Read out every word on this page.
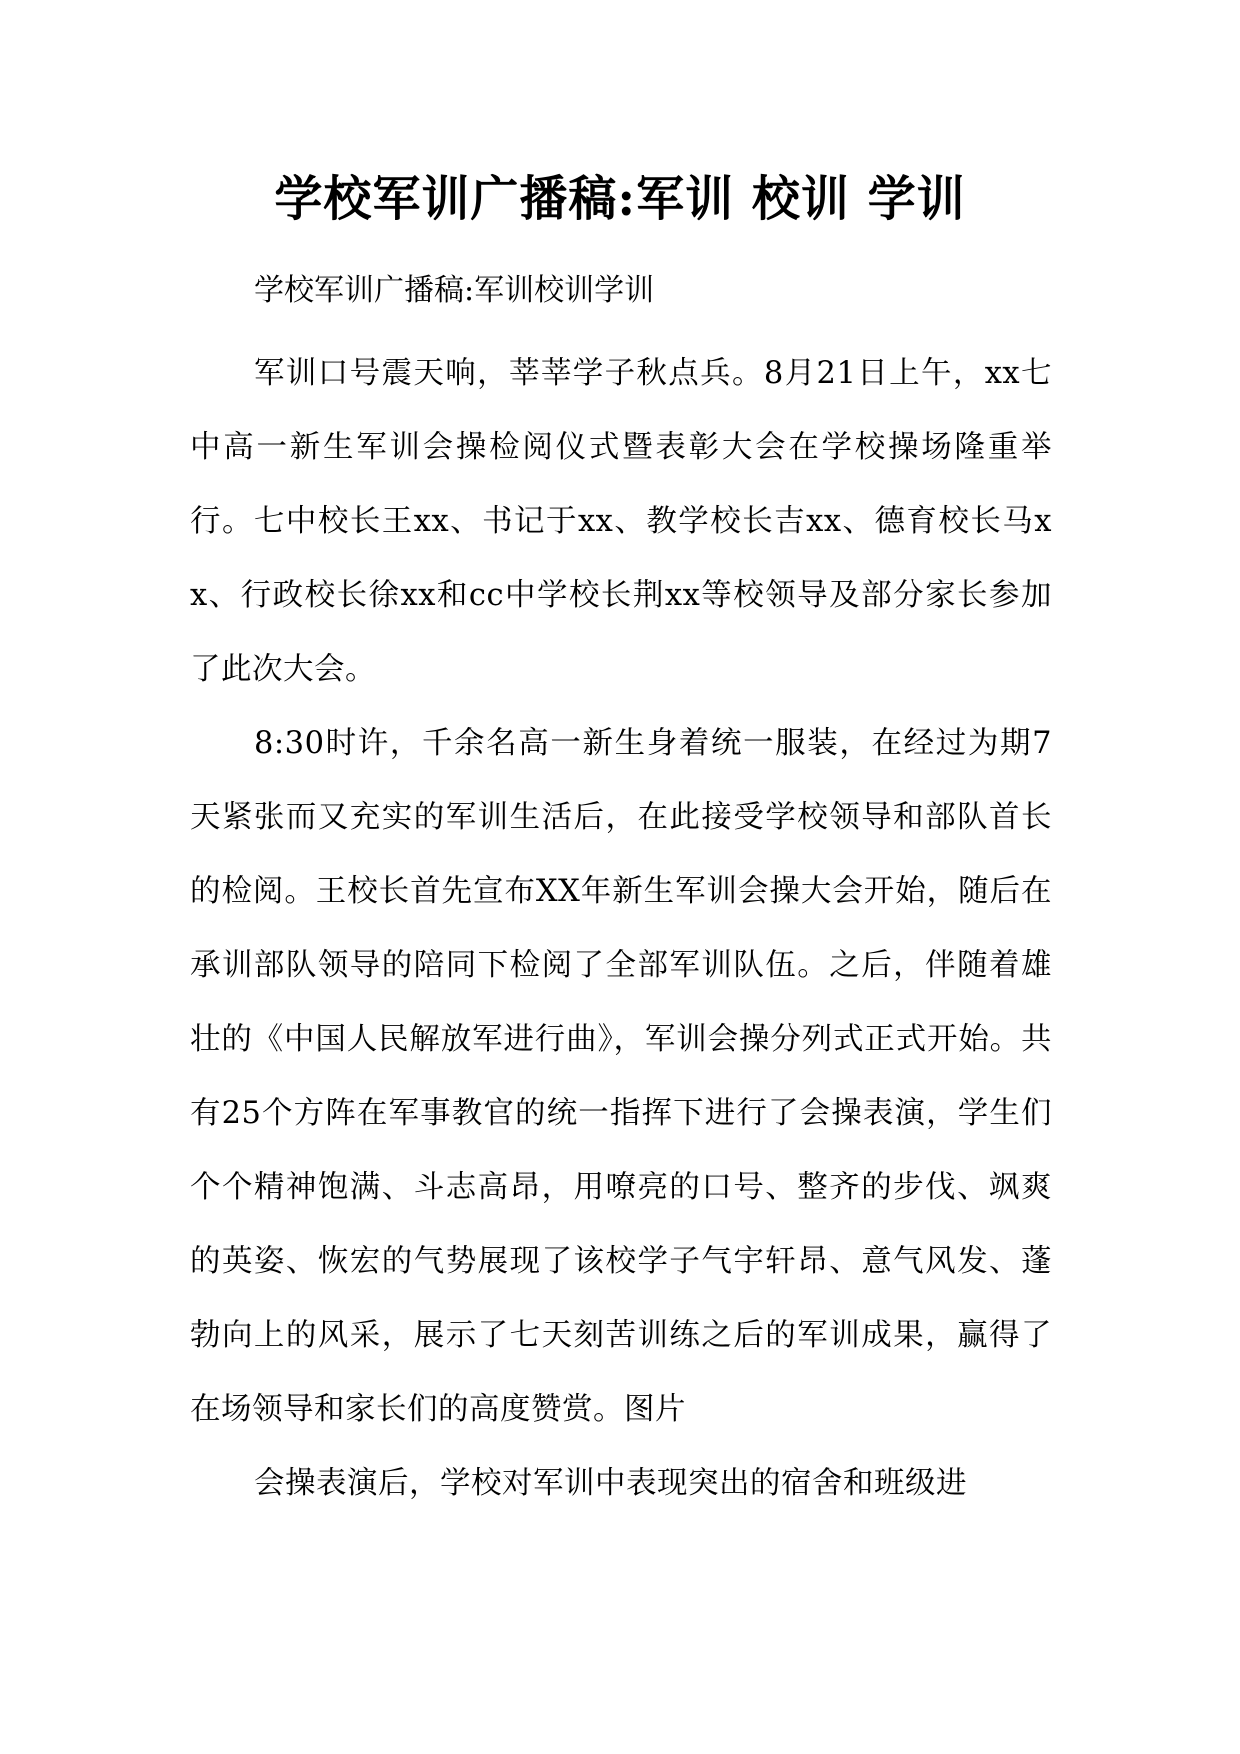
学校军训广播稿:军训 校训 学训

学校军训广播稿:军训校训学训

军训口号震天响，莘莘学子秋点兵。8月21日上午，xx七中高一新生军训会操检阅仪式暨表彰大会在学校操场隆重举行。七中校长王xx、书记于xx、教学校长吉xx、德育校长马xx、行政校长徐xx和cc中学校长荆xx等校领导及部分家长参加了此次大会。

8:30时许，千余名高一新生身着统一服装，在经过为期7天紧张而又充实的军训生活后，在此接受学校领导和部队首长的检阅。王校长首先宣布XX年新生军训会操大会开始，随后在承训部队领导的陪同下检阅了全部军训队伍。之后，伴随着雄壮的《中国人民解放军进行曲》，军训会操分列式正式开始。共有25个方阵在军事教官的统一指挥下进行了会操表演，学生们个个精神饱满、斗志高昂，用嘹亮的口号、整齐的步伐、飒爽的英姿、恢宏的气势展现了该校学子气宇轩昂、意气风发、蓬勃向上的风采，展示了七天刻苦训练之后的军训成果，赢得了在场领导和家长们的高度赞赏。图片

会操表演后，学校对军训中表现突出的宿舍和班级进
